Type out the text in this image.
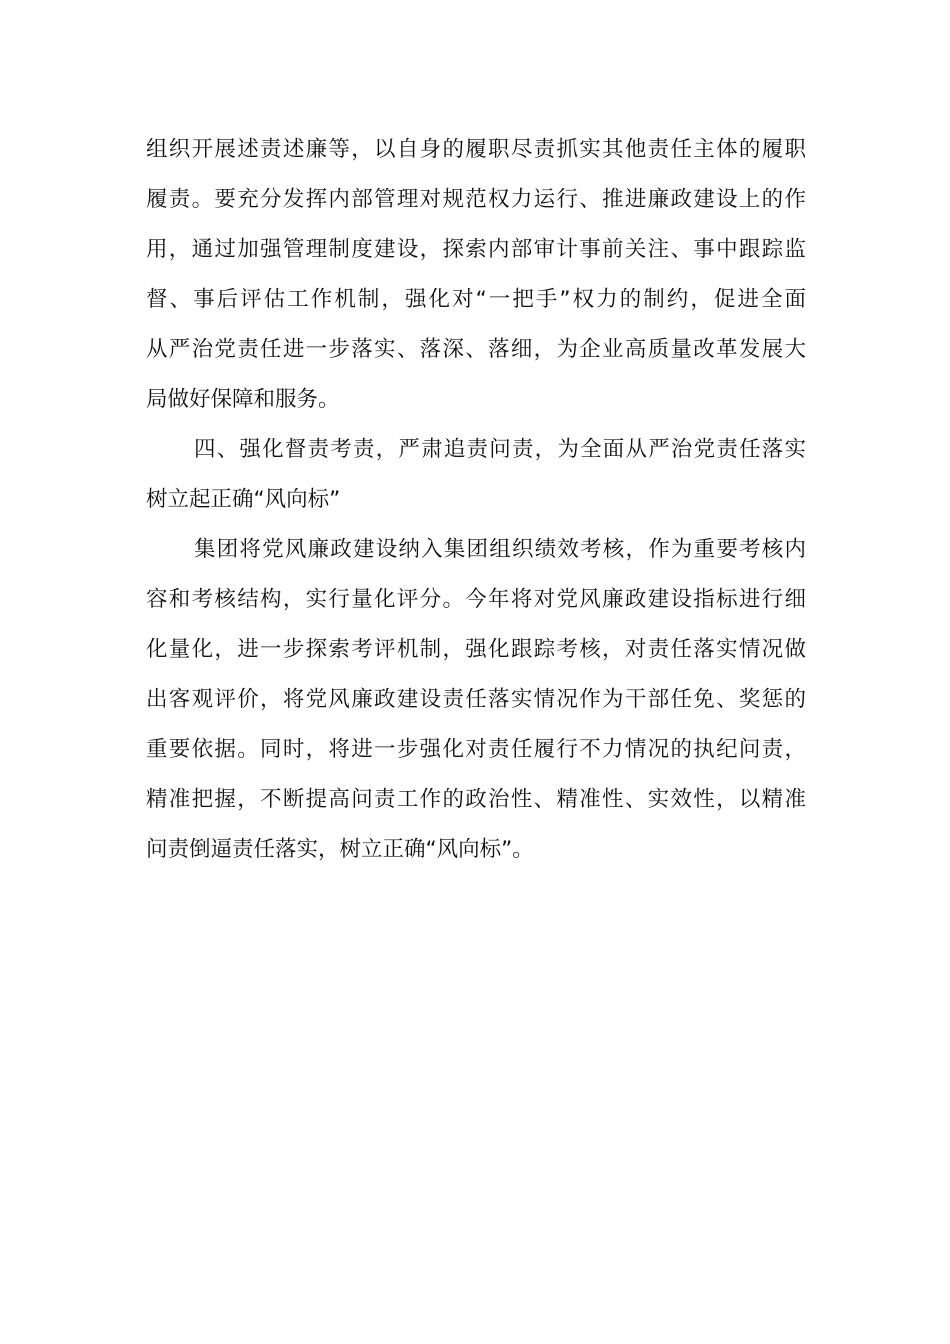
组织开展述责述廉等，以自身的履职尽责抓实其他责任主体的履职
履责。要充分发挥内部管理对规范权力运行、推进廉政建设上的作
用，通过加强管理制度建设，探索内部审计事前关注、事中跟踪监
督、事后评估工作机制，强化对“一把手”权力的制约，促进全面
从严治党责任进一步落实、落深、落细，为企业高质量改革发展大
局做好保障和服务。
四、强化督责考责，严肃追责问责，为全面从严治党责任落实
树立起正确“风向标”
集团将党风廉政建设纳入集团组织绩效考核，作为重要考核内
容和考核结构，实行量化评分。今年将对党风廉政建设指标进行细
化量化，进一步探索考评机制，强化跟踪考核，对责任落实情况做
出客观评价，将党风廉政建设责任落实情况作为干部任免、奖惩的
重要依据。同时，将进一步强化对责任履行不力情况的执纪问责，
精准把握，不断提高问责工作的政治性、精准性、实效性，以精准
问责倒逼责任落实，树立正确“风向标”。
